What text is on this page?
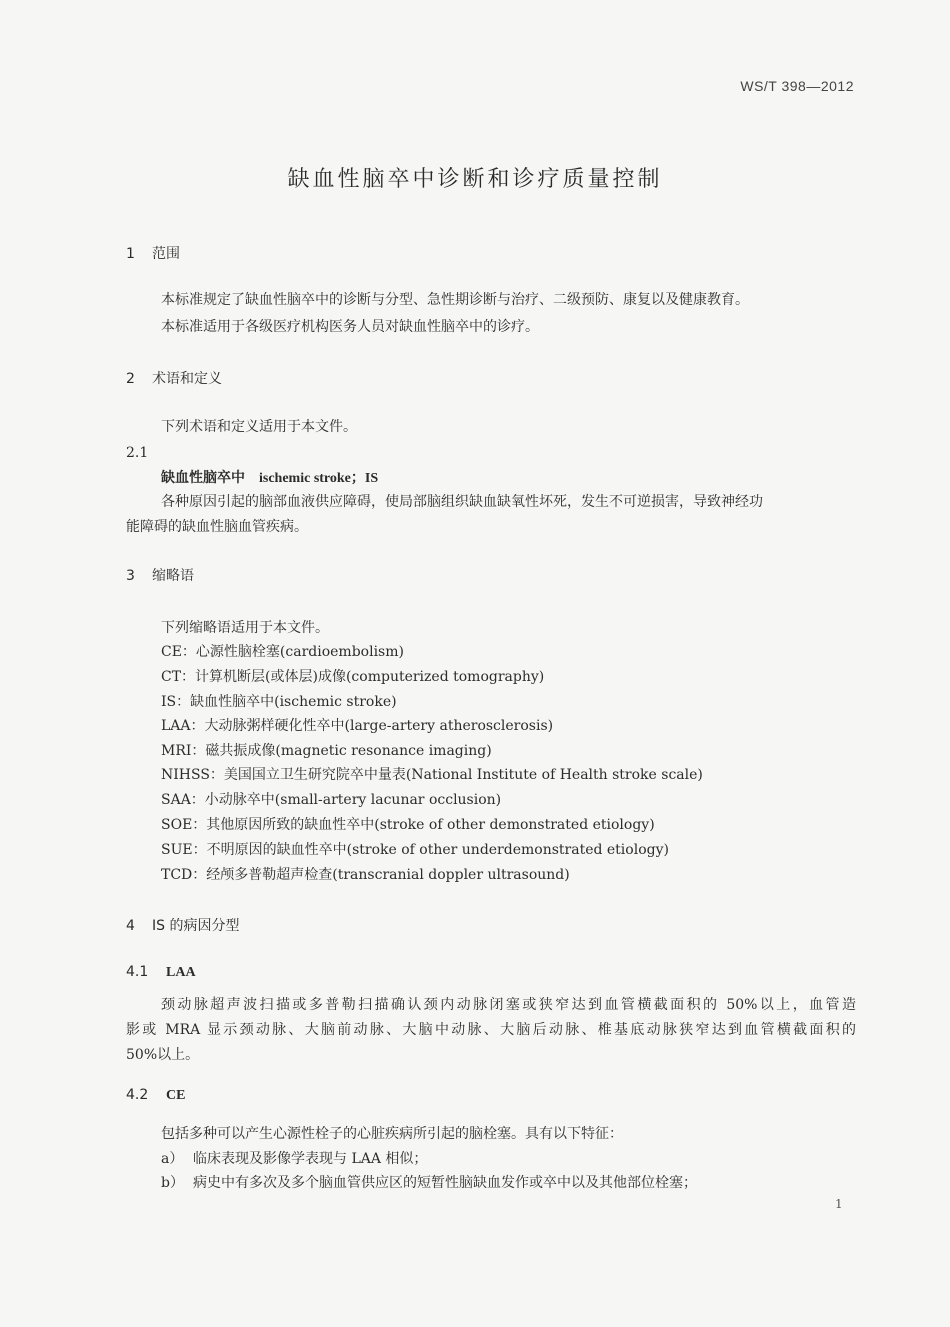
WS/T 398—2012
缺血性脑卒中诊断和诊疗质量控制
1 范围
本标准规定了缺血性脑卒中的诊断与分型、急性期诊断与治疗、二级预防、康复以及健康教育。
本标准适用于各级医疗机构医务人员对缺血性脑卒中的诊疗。
2 术语和定义
下列术语和定义适用于本文件。
2.1
缺血性脑卒中 ischemic stroke；IS
各种原因引起的脑部血液供应障碍，使局部脑组织缺血缺氧性坏死，发生不可逆损害，导致神经功
能障碍的缺血性脑血管疾病。
3 缩略语
下列缩略语适用于本文件。
CE：心源性脑栓塞(cardioembolism)
CT：计算机断层(或体层)成像(computerized tomography)
IS：缺血性脑卒中(ischemic stroke)
LAA：大动脉粥样硬化性卒中(large-artery atherosclerosis)
MRI：磁共振成像(magnetic resonance imaging)
NIHSS：美国国立卫生研究院卒中量表(National Institute of Health stroke scale)
SAA：小动脉卒中(small-artery lacunar occlusion)
SOE：其他原因所致的缺血性卒中(stroke of other demonstrated etiology)
SUE：不明原因的缺血性卒中(stroke of other underdemonstrated etiology)
TCD：经颅多普勒超声检查(transcranial doppler ultrasound)
4 IS 的病因分型
4.1 LAA
颈动脉超声波扫描或多普勒扫描确认颈内动脉闭塞或狭窄达到血管横截面积的 50%以上，血管造
影或 MRA 显示颈动脉、大脑前动脉、大脑中动脉、大脑后动脉、椎基底动脉狭窄达到血管横截面积的
50%以上。
4.2 CE
包括多种可以产生心源性栓子的心脏疾病所引起的脑栓塞。具有以下特征：
a） 临床表现及影像学表现与 LAA 相似；
b） 病史中有多次及多个脑血管供应区的短暂性脑缺血发作或卒中以及其他部位栓塞；
1
